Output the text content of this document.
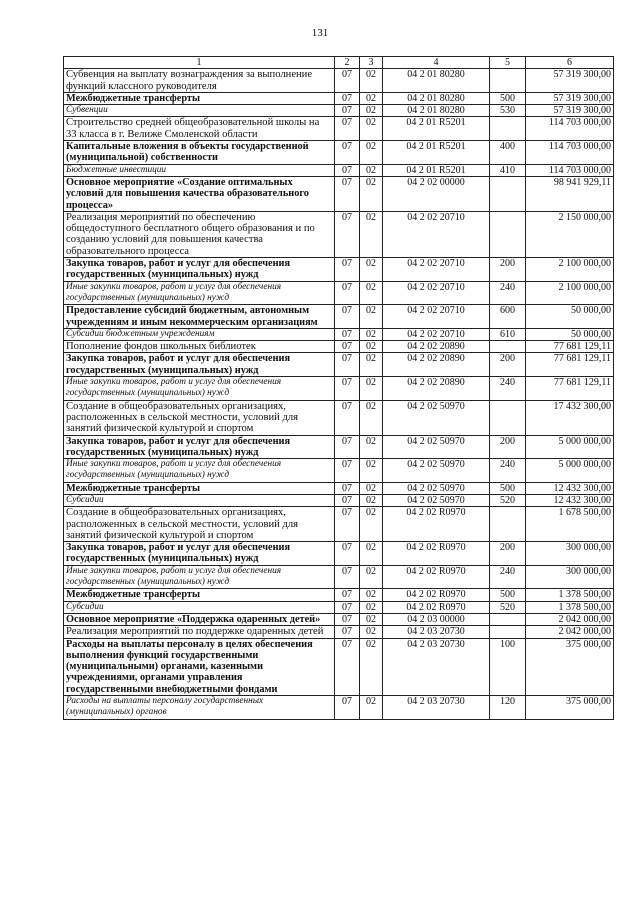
131
1	2	3	4	5	6
Субвенция на выплату вознаграждения за выполнение функций классного руководителя	07	02	04 2 01 80280		57 319 300,00
Межбюджетные трансферты	07	02	04 2 01 80280	500	57 319 300,00
Субвенции	07	02	04 2 01 80280	530	57 319 300,00
Строительство средней общеобразовательной школы на 33 класса в г. Велиже Смоленской области	07	02	04 2 01 R5201		114 703 000,00
Капитальные вложения в объекты государственной (муниципальной) собственности	07	02	04 2 01 R5201	400	114 703 000,00
Бюджетные инвестиции	07	02	04 2 01 R5201	410	114 703 000,00
Основное мероприятие «Создание оптимальных условий для повышения качества образовательного процесса»	07	02	04 2 02 00000		98 941 929,11
Реализация мероприятий по обеспечению общедоступного бесплатного общего образования и по созданию условий для повышения качества образовательного процесса	07	02	04 2 02 20710		2 150 000,00
Закупка товаров, работ и услуг для обеспечения государственных (муниципальных) нужд	07	02	04 2 02 20710	200	2 100 000,00
Иные закупки товаров, работ и услуг для обеспечения государственных (муниципальных) нужд	07	02	04 2 02 20710	240	2 100 000,00
Предоставление субсидий бюджетным, автономным учреждениям и иным некоммерческим организациям	07	02	04 2 02 20710	600	50 000,00
Субсидии бюджетным учреждениям	07	02	04 2 02 20710	610	50 000,00
Пополнение фондов школьных библиотек	07	02	04 2 02 20890		77 681 129,11
Закупка товаров, работ и услуг для обеспечения государственных (муниципальных) нужд	07	02	04 2 02 20890	200	77 681 129,11
Иные закупки товаров, работ и услуг для обеспечения государственных (муниципальных) нужд	07	02	04 2 02 20890	240	77 681 129,11
Создание в общеобразовательных организациях, расположенных в сельской местности, условий для занятий физической культурой и спортом	07	02	04 2 02 50970		17 432 300,00
Закупка товаров, работ и услуг для обеспечения государственных (муниципальных) нужд	07	02	04 2 02 50970	200	5 000 000,00
Иные закупки товаров, работ и услуг для обеспечения государственных (муниципальных) нужд	07	02	04 2 02 50970	240	5 000 000,00
Межбюджетные трансферты	07	02	04 2 02 50970	500	12 432 300,00
Субсидии	07	02	04 2 02 50970	520	12 432 300,00
Создание в общеобразовательных организациях, расположенных в сельской местности, условий для занятий физической культурой и спортом	07	02	04 2 02 R0970		1 678 500,00
Закупка товаров, работ и услуг для обеспечения государственных (муниципальных) нужд	07	02	04 2 02 R0970	200	300 000,00
Иные закупки товаров, работ и услуг для обеспечения государственных (муниципальных) нужд	07	02	04 2 02 R0970	240	300 000,00
Межбюджетные трансферты	07	02	04 2 02 R0970	500	1 378 500,00
Субсидии	07	02	04 2 02 R0970	520	1 378 500,00
Основное мероприятие «Поддержка одаренных детей»	07	02	04 2 03 00000		2 042 000,00
Реализация мероприятий по поддержке одаренных детей	07	02	04 2 03 20730		2 042 000,00
Расходы на выплаты персоналу в целях обеспечения выполнения функций государственными (муниципальными) органами, казенными учреждениями, органами управления государственными внебюджетными фондами	07	02	04 2 03 20730	100	375 000,00
Расходы на выплаты персоналу государственных (муниципальных) органов	07	02	04 2 03 20730	120	375 000,00
